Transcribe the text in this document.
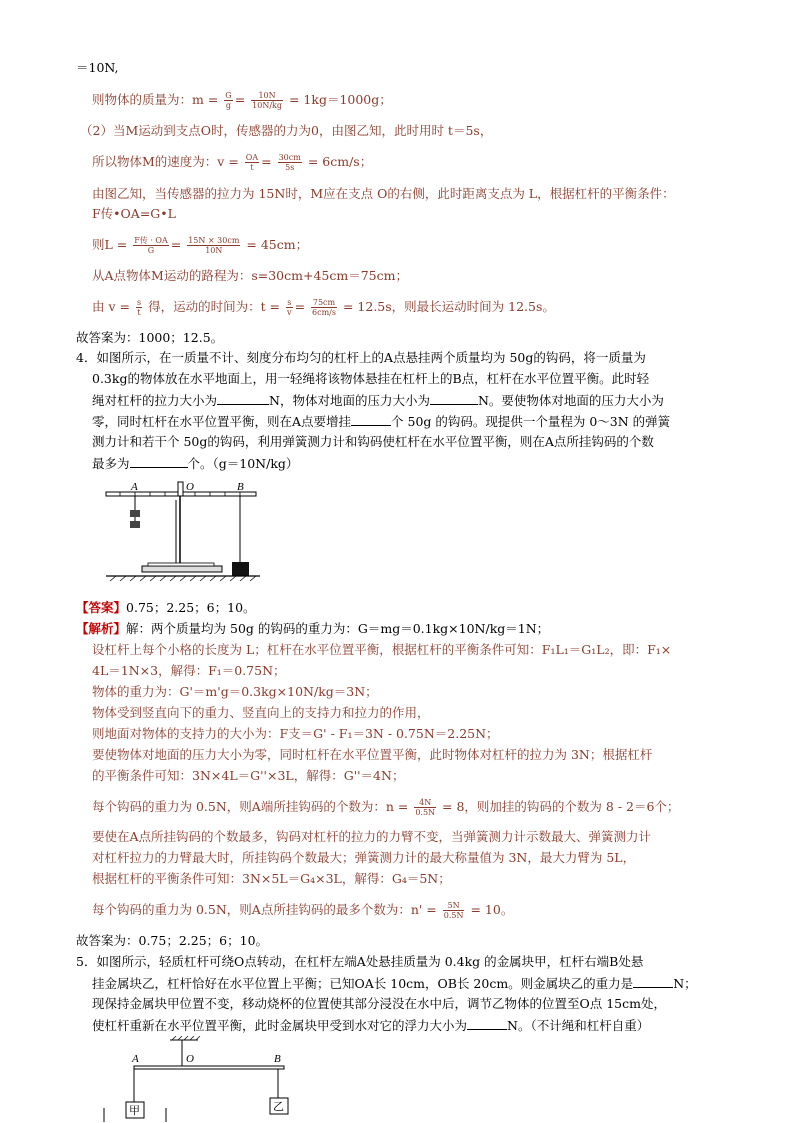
＝10N,
则物体的质量为：$m = \frac{G}{g} = \frac{10N}{10N/kg} = 1kg=1000g$；
（2）当M运动到支点O时，传感器的力为0，由图乙知，此时用时 t＝5s，
所以物体M的速度为：$v = \frac{OA}{t} = \frac{30cm}{5s} = 6cm/s$；
由图乙知，当传感器的拉力为 15N时，M应在支点 O的右侧，此时距离支点为 L，根据杠杆的平衡条件：
F传•OA=G•L
则$L = \frac{\text{F传 · OA}}{G} = \frac{15N \times 30cm}{10N} = 45cm$；
从A点物体M运动的路程为：s=30cm+45cm＝75cm；
由 $v = \frac{s}{t}$ 得，运动的时间为：$t = \frac{s}{v} = \frac{75cm}{6cm/s} = 12.5s$，则最长运动时间为 12.5s。
故答案为：1000；12.5。
4．如图所示，在一质量不计、刻度分布均匀的杠杆上的A点悬挂两个质量均为 50g的钩码，将一质量为
0.3kg的物体放在水平地面上，用一轻绳将该物体悬挂在杠杆上的B点，杠杆在水平位置平衡。此时轻
绳对杠杆的拉力大小为	N，物体对地面的压力大小为	N。要使物体对地面的压力大小为
零，同时杠杆在水平位置平衡，则在A点要增挂	个 50g 的钩码。现提供一个量程为 0～3N 的弹簧
测力计和若干个 50g的钩码，利用弹簧测力计和钩码使杠杆在水平位置平衡，则在A点所挂钩码的个数
最多为	个。（g＝10N/kg）
A	O	B
【答案】0.75；2.25；6；10。
【解析】解：两个质量均为 50g 的钩码的重力为：G＝mg＝0.1kg×10N/kg＝1N；
设杠杆上每个小格的长度为 L；杠杆在水平位置平衡，根据杠杆的平衡条件可知：F₁L₁＝G₁L₂，即：F₁×
4L＝1N×3，解得：F₁＝0.75N；
物体的重力为：G'＝m'g＝0.3kg×10N/kg＝3N；
物体受到竖直向下的重力、竖直向上的支持力和拉力的作用，
则地面对物体的支持力的大小为：F支＝G' - F₁＝3N - 0.75N＝2.25N；
要使物体对地面的压力大小为零，同时杠杆在水平位置平衡，此时物体对杠杆的拉力为 3N；根据杠杆
的平衡条件可知：3N×4L＝G''×3L，解得：G''＝4N；
每个钩码的重力为 0.5N，则A端所挂钩码的个数为：$n = \frac{4N}{0.5N} = 8$，则加挂的钩码的个数为 8 - 2＝6个；
要使在A点所挂钩码的个数最多，钩码对杠杆的拉力的力臂不变，当弹簧测力计示数最大、弹簧测力计
对杠杆拉力的力臂最大时，所挂钩码个数最大；弹簧测力计的最大称量值为 3N，最大力臂为 5L，
根据杠杆的平衡条件可知：3N×5L＝G₄×3L，解得：G₄＝5N；
每个钩码的重力为 0.5N，则A点所挂钩码的最多个数为：$n' = \frac{5N}{0.5N} = 10$。
故答案为：0.75；2.25；6；10。
5．如图所示，轻质杠杆可绕O点转动，在杠杆左端A处悬挂质量为 0.4kg 的金属块甲，杠杆右端B处悬
挂金属块乙，杠杆恰好在水平位置上平衡；已知OA长 10cm，OB长 20cm。则金属块乙的重力是	N；
现保持金属块甲位置不变，移动烧杯的位置使其部分浸没在水中后，调节乙物体的位置至O点 15cm处，
使杠杆重新在水平位置平衡，此时金属块甲受到水对它的浮力大小为	N。（不计绳和杠杆自重）
A	O	B
甲	乙
